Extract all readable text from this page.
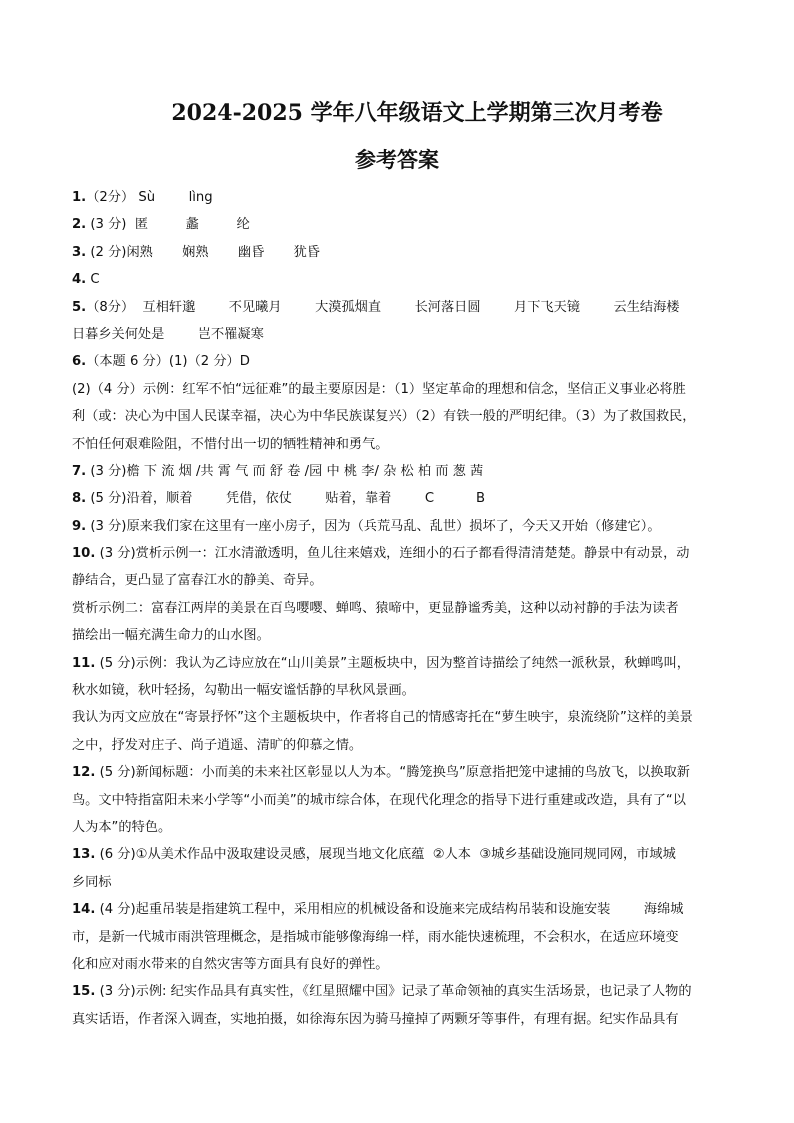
2024-2025 学年八年级语文上学期第三次月考卷
参考答案
1.（2分） Sù        lìng
2. (3 分)  匿         蠡         纶
3. (2 分)闲熟       娴熟       幽昏       犹昏
4. C
5.（8分）  互相轩邈        不见曦月        大漠孤烟直        长河落日圆        月下飞天镜        云生结海楼
日暮乡关何处是        岂不罹凝寒
6.（本题 6 分）(1)（2 分）D
(2)（4 分）示例：红军不怕“远征难”的最主要原因是：（1）坚定革命的理想和信念，坚信正义事业必将胜
利（或：决心为中国人民谋幸福，决心为中华民族谋复兴）（2）有铁一般的严明纪律。（3）为了救国救民，
不怕任何艰难险阻，不惜付出一切的牺牲精神和勇气。
7. (3 分)檐 下 流 烟 /共 霄 气 而 舒 卷 /园 中 桃 李/ 杂 松 柏 而 葱 茜
8. (5 分)沿着，顺着        凭借，依仗        贴着，靠着        C          B
9. (3 分)原来我们家在这里有一座小房子，因为（兵荒马乱、乱世）损坏了，今天又开始（修建它）。
10. (3 分)赏析示例一：江水清澈透明，鱼儿往来嬉戏，连细小的石子都看得清清楚楚。静景中有动景，动
静结合，更凸显了富春江水的静美、奇异。
赏析示例二：富春江两岸的美景在百鸟嘤嘤、蝉鸣、猿啼中，更显静谧秀美，这种以动衬静的手法为读者
描绘出一幅充满生命力的山水图。
11. (5 分)示例：我认为乙诗应放在“山川美景”主题板块中，因为整首诗描绘了纯然一派秋景，秋蝉鸣叫，
秋水如镜，秋叶轻扬，勾勒出一幅安谧恬静的早秋风景画。
我认为丙文应放在“寄景抒怀”这个主题板块中，作者将自己的情感寄托在“萝生映宇，泉流绕阶”这样的美景
之中，抒发对庄子、尚子逍遥、清旷的仰慕之情。
12. (5 分)新闻标题：小而美的未来社区彰显以人为本。“腾笼换鸟”原意指把笼中逮捕的鸟放飞，以换取新
鸟。文中特指富阳未来小学等“小而美”的城市综合体，在现代化理念的指导下进行重建或改造，具有了“以
人为本”的特色。
13. (6 分)①从美术作品中汲取建设灵感，展现当地文化底蕴  ②人本  ③城乡基础设施同规同网，市域城
乡同标
14. (4 分)起重吊装是指建筑工程中，采用相应的机械设备和设施来完成结构吊装和设施安装        海绵城
市，是新一代城市雨洪管理概念，是指城市能够像海绵一样，雨水能快速梳理，不会积水，在适应环境变
化和应对雨水带来的自然灾害等方面具有良好的弹性。
15. (3 分)示例: 纪实作品具有真实性，《红星照耀中国》记录了革命领袖的真实生活场景，也记录了人物的
真实话语，作者深入调查，实地拍摄，如徐海东因为骑马撞掉了两颗牙等事件，有理有据。纪实作品具有
